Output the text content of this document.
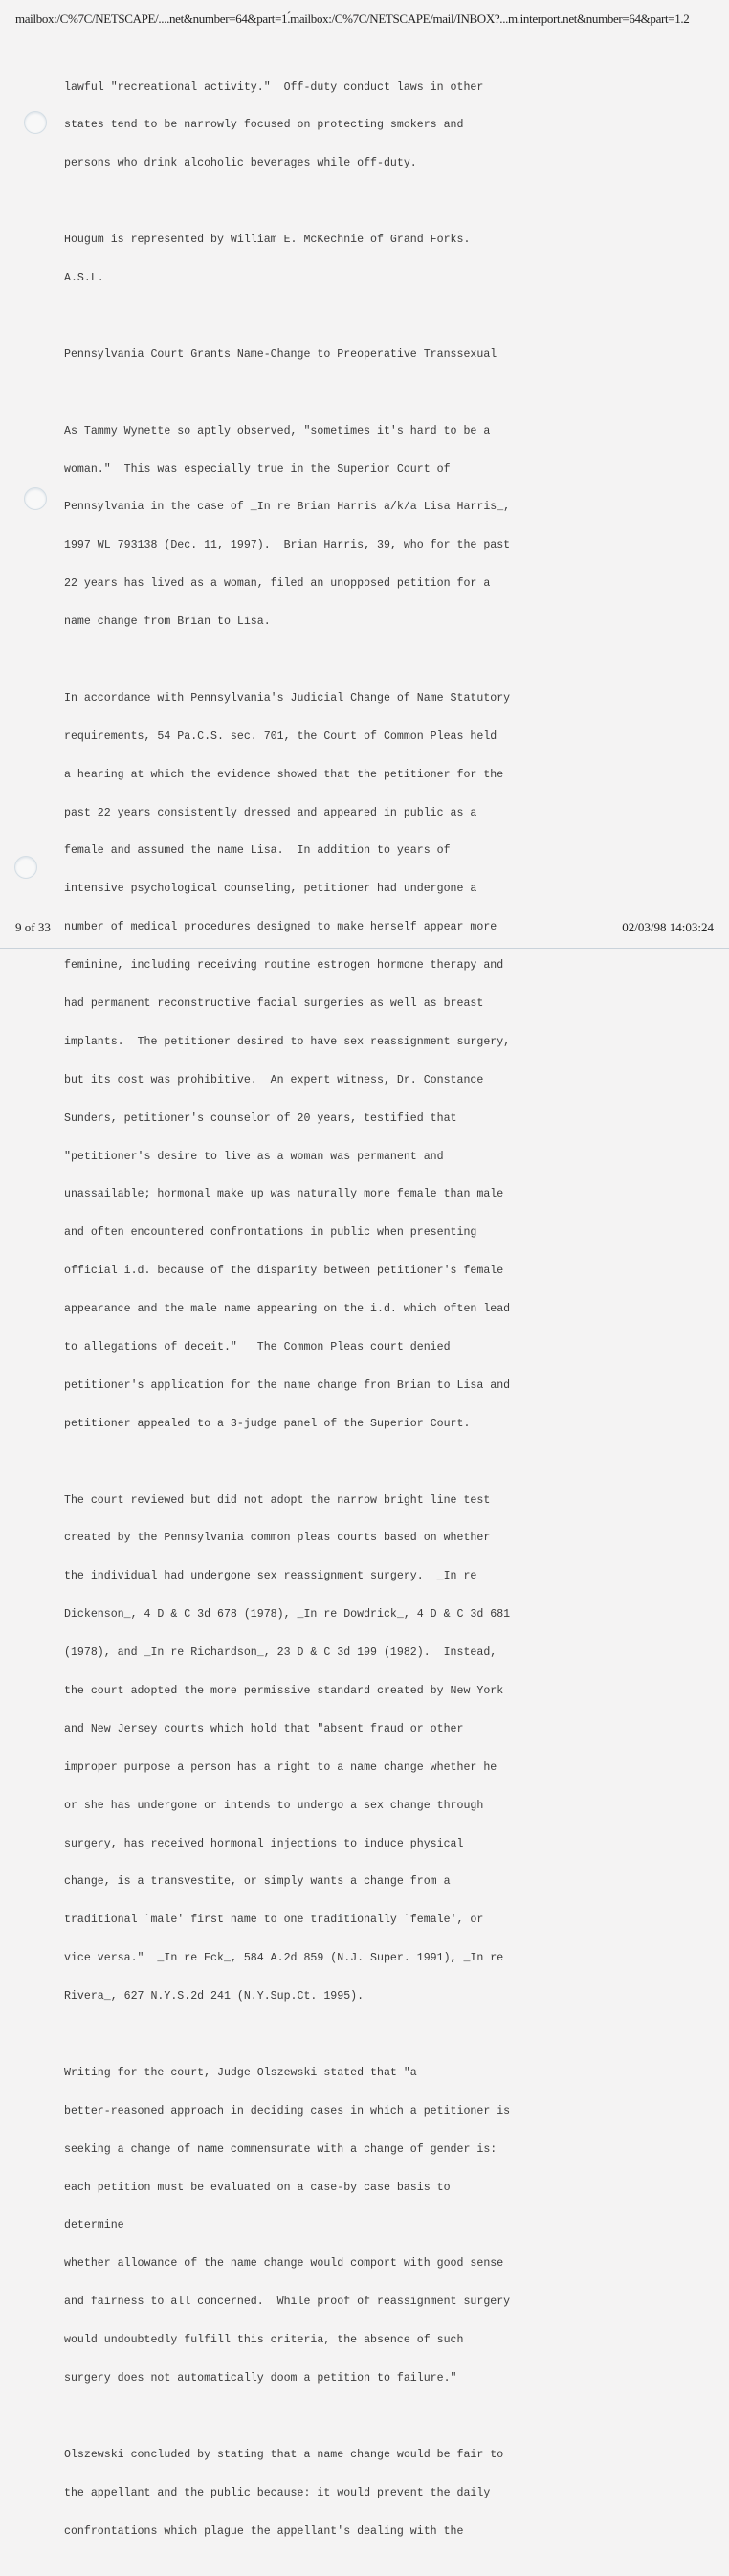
mailbox:/C%7C/NETSCAPE/....net&number=64&part=1.́mailbox:/C%7C/NETSCAPE/mail/INBOX?...m.interport.net&number=64&part=1.2

lawful "recreational activity."  Off-duty conduct laws in other

states tend to be narrowly focused on protecting smokers and

persons who drink alcoholic beverages while off-duty.

Hougum is represented by William E. McKechnie of Grand Forks.

A.S.L.

Pennsylvania Court Grants Name-Change to Preoperative Transsexual

As Tammy Wynette so aptly observed, "sometimes it's hard to be a

woman."  This was especially true in the Superior Court of

Pennsylvania in the case of _In re Brian Harris a/k/a Lisa Harris_,

1997 WL 793138 (Dec. 11, 1997).  Brian Harris, 39, who for the past

22 years has lived as a woman, filed an unopposed petition for a

name change from Brian to Lisa.

In accordance with Pennsylvania's Judicial Change of Name Statutory

requirements, 54 Pa.C.S. sec. 701, the Court of Common Pleas held

a hearing at which the evidence showed that the petitioner for the

past 22 years consistently dressed and appeared in public as a

female and assumed the name Lisa.  In addition to years of

intensive psychological counseling, petitioner had undergone a

number of medical procedures designed to make herself appear more

feminine, including receiving routine estrogen hormone therapy and

had permanent reconstructive facial surgeries as well as breast

implants.  The petitioner desired to have sex reassignment surgery,

but its cost was prohibitive.  An expert witness, Dr. Constance

Sunders, petitioner's counselor of 20 years, testified that

"petitioner's desire to live as a woman was permanent and

unassailable; hormonal make up was naturally more female than male

and often encountered confrontations in public when presenting

official i.d. because of the disparity between petitioner's female

appearance and the male name appearing on the i.d. which often lead

to allegations of deceit."   The Common Pleas court denied

petitioner's application for the name change from Brian to Lisa and

petitioner appealed to a 3-judge panel of the Superior Court.

The court reviewed but did not adopt the narrow bright line test

created by the Pennsylvania common pleas courts based on whether

the individual had undergone sex reassignment surgery.  _In re

Dickenson_, 4 D & C 3d 678 (1978), _In re Dowdrick_, 4 D & C 3d 681

(1978), and _In re Richardson_, 23 D & C 3d 199 (1982).  Instead,

the court adopted the more permissive standard created by New York

and New Jersey courts which hold that "absent fraud or other

improper purpose a person has a right to a name change whether he

or she has undergone or intends to undergo a sex change through

surgery, has received hormonal injections to induce physical

change, is a transvestite, or simply wants a change from a

traditional `male' first name to one traditionally `female', or

vice versa."  _In re Eck_, 584 A.2d 859 (N.J. Super. 1991), _In re

Rivera_, 627 N.Y.S.2d 241 (N.Y.Sup.Ct. 1995).

Writing for the court, Judge Olszewski stated that "a

better-reasoned approach in deciding cases in which a petitioner is

seeking a change of name commensurate with a change of gender is:

each petition must be evaluated on a case-by case basis to

determine

whether allowance of the name change would comport with good sense

and fairness to all concerned.  While proof of reassignment surgery

would undoubtedly fulfill this criteria, the absence of such

surgery does not automatically doom a petition to failure."

Olszewski concluded by stating that a name change would be fair to

the appellant and the public because: it would prevent the daily

confrontations which plague the appellant's dealing with the

9 of 33	02/03/98 14:03:24
